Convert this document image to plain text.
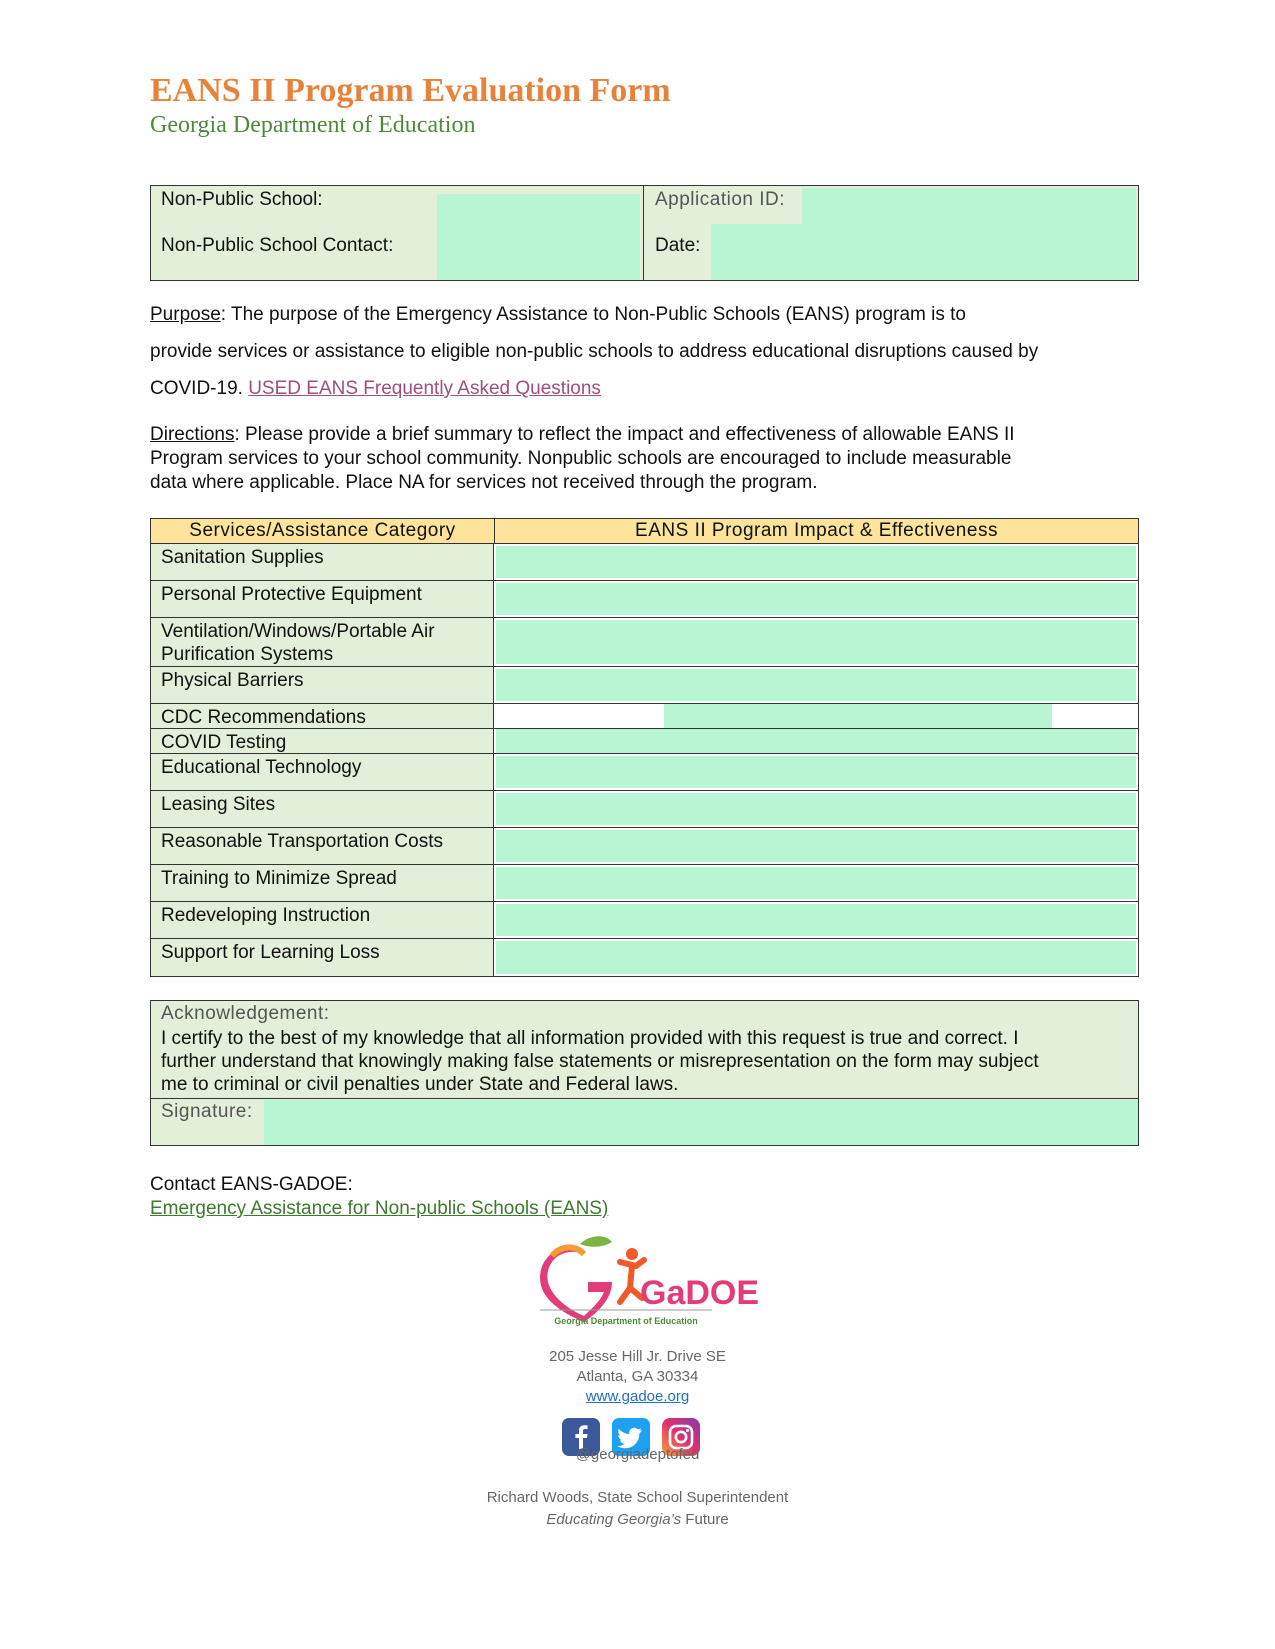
EANS II Program Evaluation Form
Georgia Department of Education
Non-Public School:
Non-Public School Contact:
Application ID:
Date:
Purpose: The purpose of the Emergency Assistance to Non-Public Schools (EANS) program is to
provide services or assistance to eligible non-public schools to address educational disruptions caused by
COVID-19. USED EANS Frequently Asked Questions
Directions: Please provide a brief summary to reflect the impact and effectiveness of allowable EANS II
Program services to your school community. Nonpublic schools are encouraged to include measurable
data where applicable. Place NA for services not received through the program.
Services/Assistance Category	EANS II Program Impact & Effectiveness
Sanitation Supplies
Personal Protective Equipment
Ventilation/Windows/Portable Air
Purification Systems
Physical Barriers
CDC Recommendations
COVID Testing
Educational Technology
Leasing Sites
Reasonable Transportation Costs
Training to Minimize Spread
Redeveloping Instruction
Support for Learning Loss
Acknowledgement:
I certify to the best of my knowledge that all information provided with this request is true and correct. I
further understand that knowingly making false statements or misrepresentation on the form may subject
me to criminal or civil penalties under State and Federal laws.
Signature:
Contact EANS-GADOE:
Emergency Assistance for Non-public Schools (EANS)
GaDOE
Georgia Department of Education
205 Jesse Hill Jr. Drive SE
Atlanta, GA 30334
www.gadoe.org
@georgiadeptofed
Richard Woods, State School Superintendent
Educating Georgia’s Future
